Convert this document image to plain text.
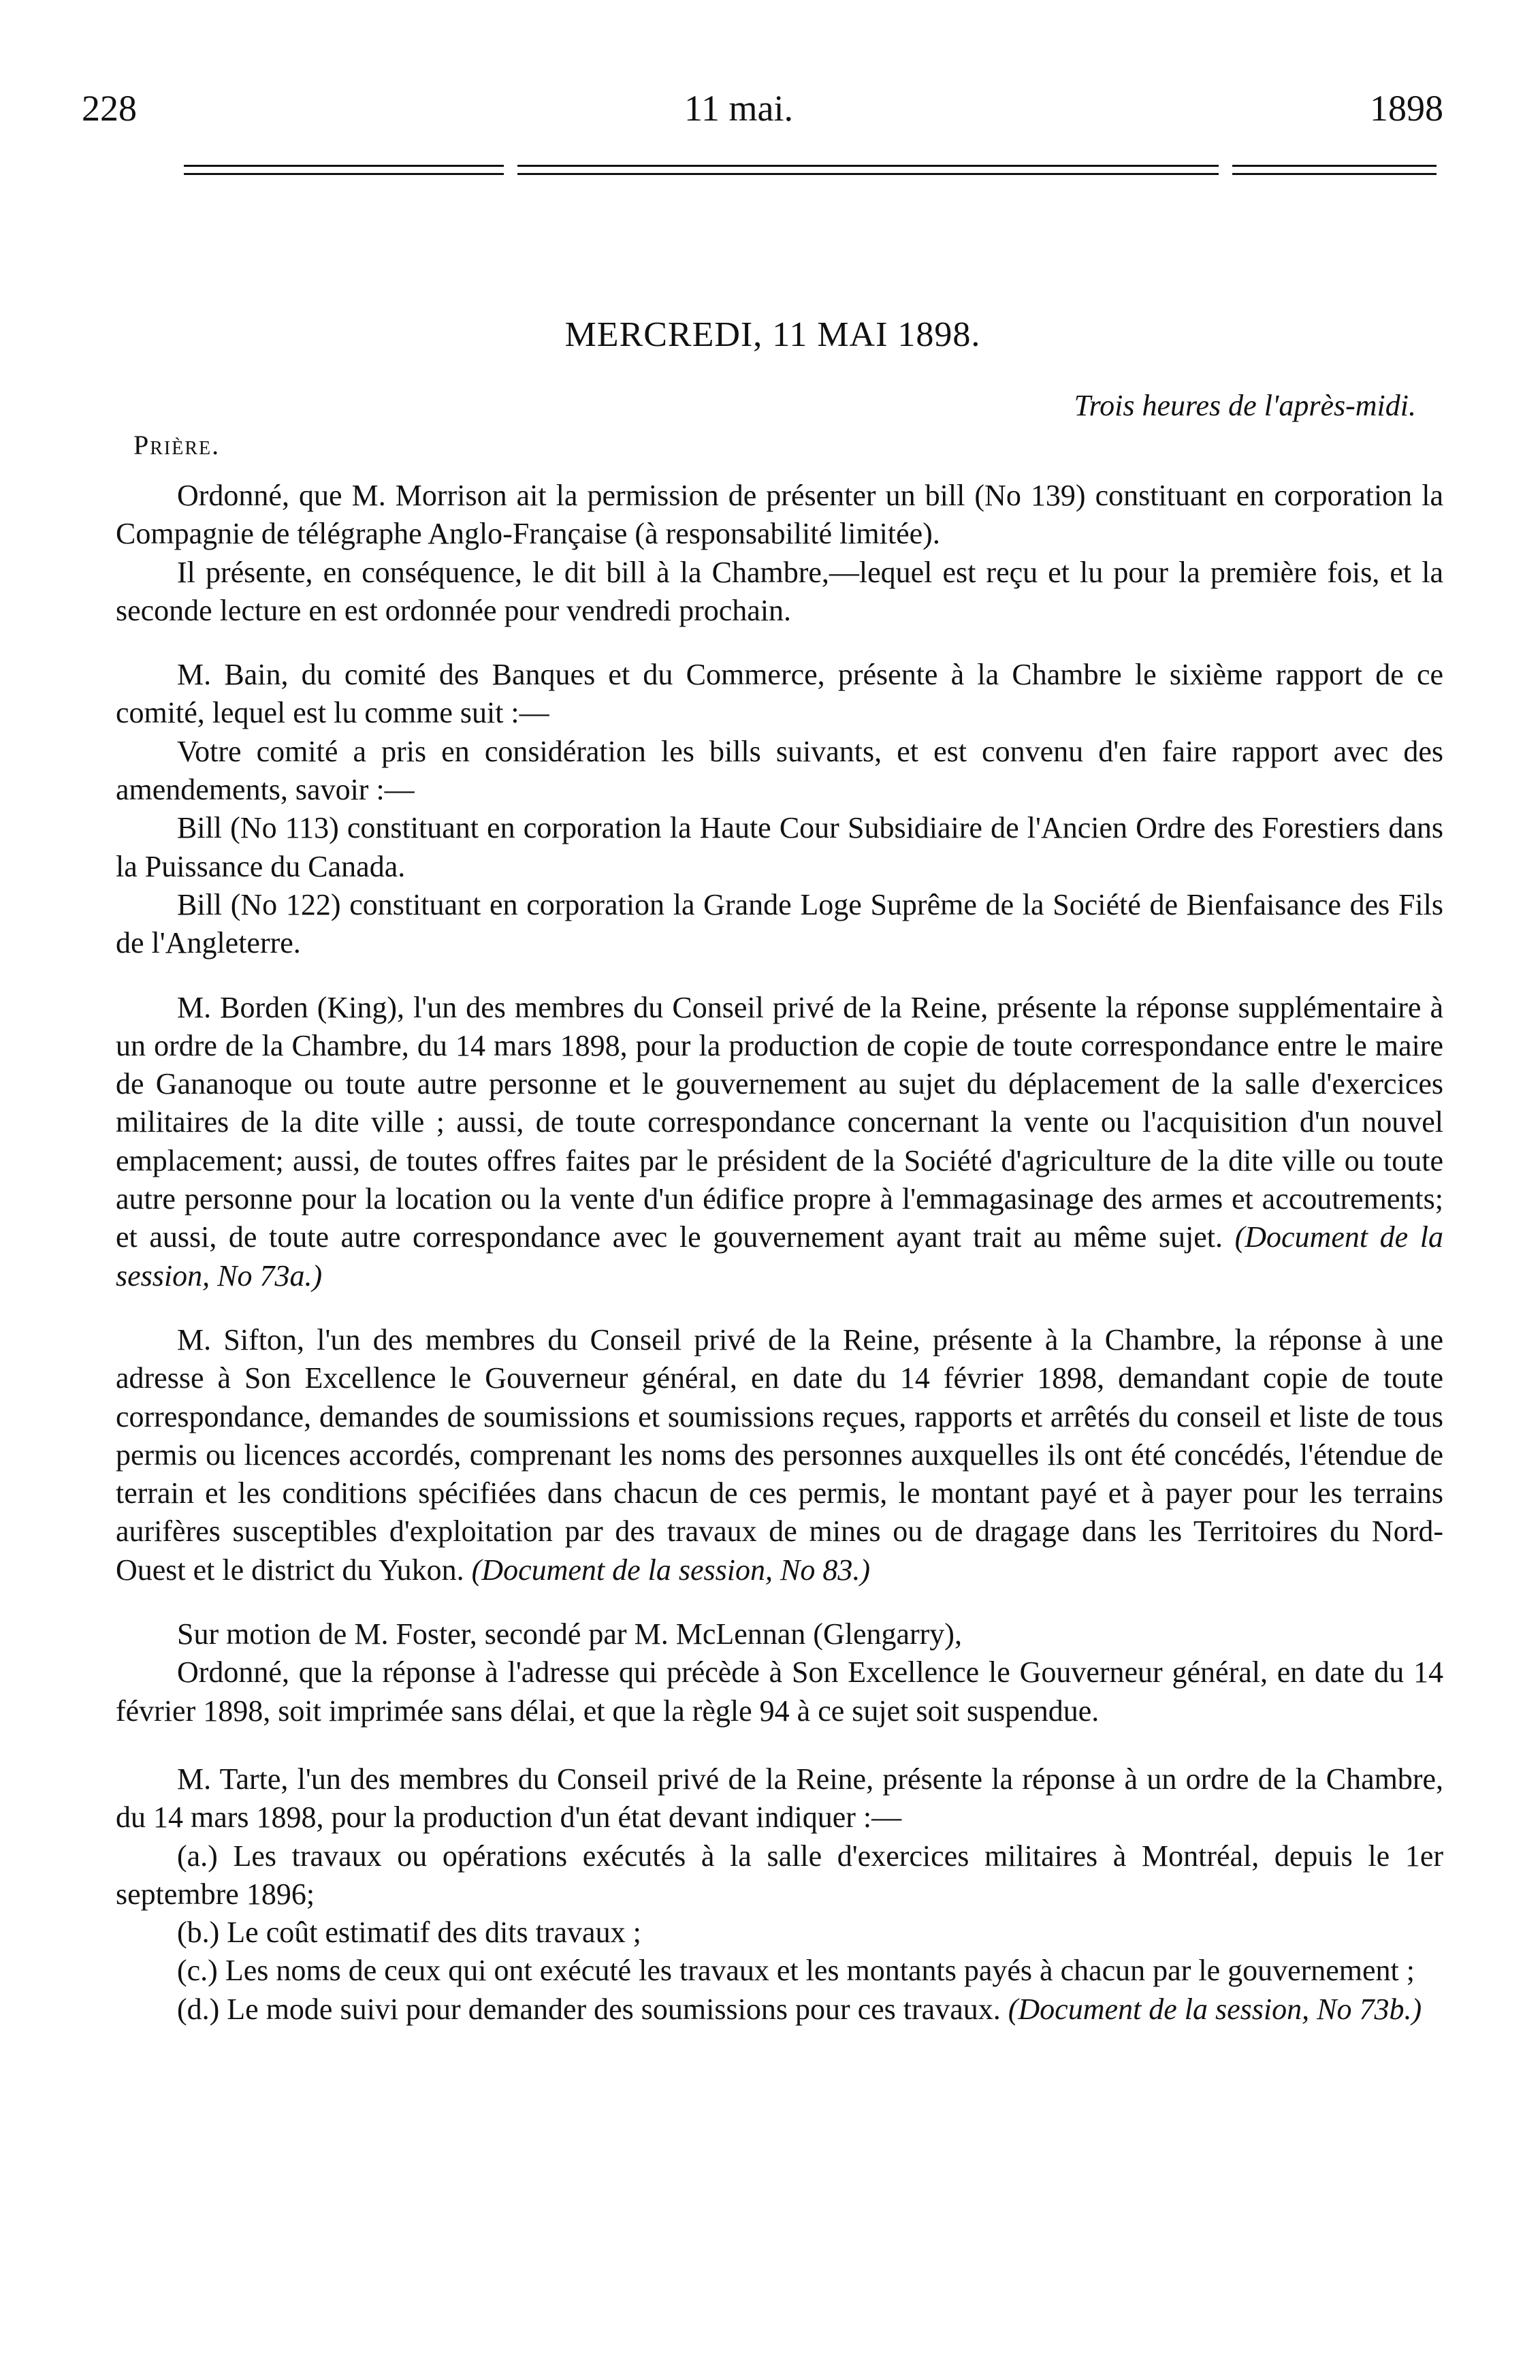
228	11 mai.	1898
MERCREDI, 11 MAI 1898.
Trois heures de l'après-midi.
Prière.

Ordonné, que M. Morrison ait la permission de présenter un bill (No 139) constituant en corporation la Compagnie de télégraphe Anglo-Française (à responsabilité limitée).

Il présente, en conséquence, le dit bill à la Chambre,—lequel est reçu et lu pour la première fois, et la seconde lecture en est ordonnée pour vendredi prochain.

M. Bain, du comité des Banques et du Commerce, présente à la Chambre le sixième rapport de ce comité, lequel est lu comme suit :—

Votre comité a pris en considération les bills suivants, et est convenu d'en faire rapport avec des amendements, savoir :—

Bill (No 113) constituant en corporation la Haute Cour Subsidiaire de l'Ancien Ordre des Forestiers dans la Puissance du Canada.

Bill (No 122) constituant en corporation la Grande Loge Suprême de la Société de Bienfaisance des Fils de l'Angleterre.

M. Borden (King), l'un des membres du Conseil privé de la Reine, présente la réponse supplémentaire à un ordre de la Chambre, du 14 mars 1898, pour la production de copie de toute correspondance entre le maire de Gananoque ou toute autre personne et le gouvernement au sujet du déplacement de la salle d'exercices militaires de la dite ville ; aussi, de toute correspondance concernant la vente ou l'acquisition d'un nouvel emplacement; aussi, de toutes offres faites par le président de la Société d'agriculture de la dite ville ou toute autre personne pour la location ou la vente d'un édifice propre à l'emmagasinage des armes et accoutrements; et aussi, de toute autre correspondance avec le gouvernement ayant trait au même sujet. (Document de la session, No 73a.)

M. Sifton, l'un des membres du Conseil privé de la Reine, présente à la Chambre, la réponse à une adresse à Son Excellence le Gouverneur général, en date du 14 février 1898, demandant copie de toute correspondance, demandes de soumissions et soumissions reçues, rapports et arrêtés du conseil et liste de tous permis ou licences accordés, comprenant les noms des personnes auxquelles ils ont été concédés, l'étendue de terrain et les conditions spécifiées dans chacun de ces permis, le montant payé et à payer pour les terrains aurifères susceptibles d'exploitation par des travaux de mines ou de dragage dans les Territoires du Nord-Ouest et le district du Yukon. (Document de la session, No 83.)

Sur motion de M. Foster, secondé par M. McLennan (Glengarry),

Ordonné, que la réponse à l'adresse qui précède à Son Excellence le Gouverneur général, en date du 14 février 1898, soit imprimée sans délai, et que la règle 94 à ce sujet soit suspendue.

M. Tarte, l'un des membres du Conseil privé de la Reine, présente la réponse à un ordre de la Chambre, du 14 mars 1898, pour la production d'un état devant indiquer :—

(a.) Les travaux ou opérations exécutés à la salle d'exercices militaires à Montréal, depuis le 1er septembre 1896;

(b.) Le coût estimatif des dits travaux ;

(c.) Les noms de ceux qui ont exécuté les travaux et les montants payés à chacun par le gouvernement ;

(d.) Le mode suivi pour demander des soumissions pour ces travaux. (Document de la session, No 73b.)
